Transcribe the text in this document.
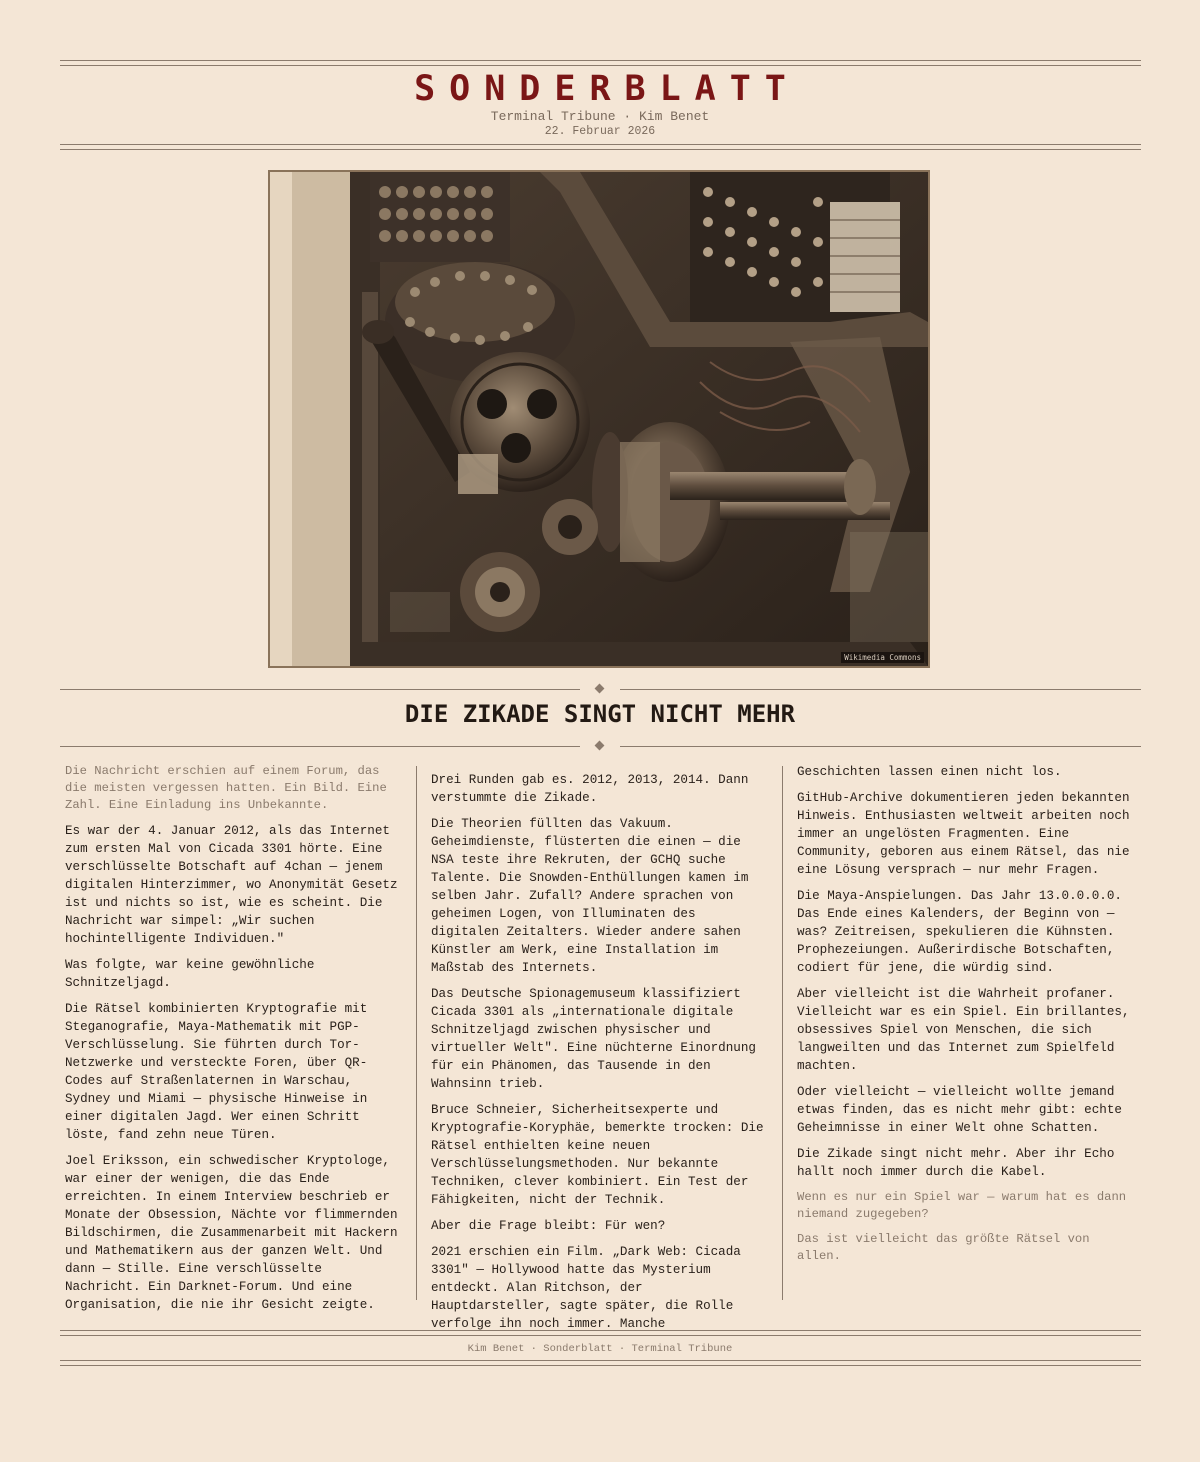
SONDERBLATT
Terminal Tribune · Kim Benet
22. Februar 2026
Wikimedia Commons
DIE ZIKADE SINGT NICHT MEHR

Die Nachricht erschien auf einem Forum, das die meisten vergessen hatten. Ein Bild. Eine Zahl. Eine Einladung ins Unbekannte.

Es war der 4. Januar 2012, als das Internet zum ersten Mal von Cicada 3301 hörte. Eine verschlüsselte Botschaft auf 4chan — jenem digitalen Hinterzimmer, wo Anonymität Gesetz ist und nichts so ist, wie es scheint. Die Nachricht war simpel: „Wir suchen hochintelligente Individuen."

Was folgte, war keine gewöhnliche Schnitzeljagd.

Die Rätsel kombinierten Kryptografie mit Steganografie, Maya-Mathematik mit PGP-Verschlüsselung. Sie führten durch Tor-Netzwerke und versteckte Foren, über QR-Codes auf Straßenlaternen in Warschau, Sydney und Miami — physische Hinweise in einer digitalen Jagd. Wer einen Schritt löste, fand zehn neue Türen.

Joel Eriksson, ein schwedischer Kryptologe, war einer der wenigen, die das Ende erreichten. In einem Interview beschrieb er Monate der Obsession, Nächte vor flimmernden Bildschirmen, die Zusammenarbeit mit Hackern und Mathematikern aus der ganzen Welt. Und dann — Stille. Eine verschlüsselte Nachricht. Ein Darknet-Forum. Und eine Organisation, die nie ihr Gesicht zeigte.

Drei Runden gab es. 2012, 2013, 2014. Dann verstummte die Zikade.

Die Theorien füllten das Vakuum. Geheimdienste, flüsterten die einen — die NSA teste ihre Rekruten, der GCHQ suche Talente. Die Snowden-Enthüllungen kamen im selben Jahr. Zufall? Andere sprachen von geheimen Logen, von Illuminaten des digitalen Zeitalters. Wieder andere sahen Künstler am Werk, eine Installation im Maßstab des Internets.

Das Deutsche Spionagemuseum klassifiziert Cicada 3301 als „internationale digitale Schnitzeljagd zwischen physischer und virtueller Welt". Eine nüchterne Einordnung für ein Phänomen, das Tausende in den Wahnsinn trieb.

Bruce Schneier, Sicherheitsexperte und Kryptografie-Koryphäe, bemerkte trocken: Die Rätsel enthielten keine neuen Verschlüsselungsmethoden. Nur bekannte Techniken, clever kombiniert. Ein Test der Fähigkeiten, nicht der Technik.

Aber die Frage bleibt: Für wen?

2021 erschien ein Film. „Dark Web: Cicada 3301" — Hollywood hatte das Mysterium entdeckt. Alan Ritchson, der Hauptdarsteller, sagte später, die Rolle verfolge ihn noch immer. Manche

Geschichten lassen einen nicht los.

GitHub-Archive dokumentieren jeden bekannten Hinweis. Enthusiasten weltweit arbeiten noch immer an ungelösten Fragmenten. Eine Community, geboren aus einem Rätsel, das nie eine Lösung versprach — nur mehr Fragen.

Die Maya-Anspielungen. Das Jahr 13.0.0.0.0. Das Ende eines Kalenders, der Beginn von — was? Zeitreisen, spekulieren die Kühnsten. Prophezeiungen. Außerirdische Botschaften, codiert für jene, die würdig sind.

Aber vielleicht ist die Wahrheit profaner. Vielleicht war es ein Spiel. Ein brillantes, obsessives Spiel von Menschen, die sich langweilten und das Internet zum Spielfeld machten.

Oder vielleicht — vielleicht wollte jemand etwas finden, das es nicht mehr gibt: echte Geheimnisse in einer Welt ohne Schatten.

Die Zikade singt nicht mehr. Aber ihr Echo hallt noch immer durch die Kabel.

Wenn es nur ein Spiel war — warum hat es dann niemand zugegeben?

Das ist vielleicht das größte Rätsel von allen.

Kim Benet · Sonderblatt · Terminal Tribune
